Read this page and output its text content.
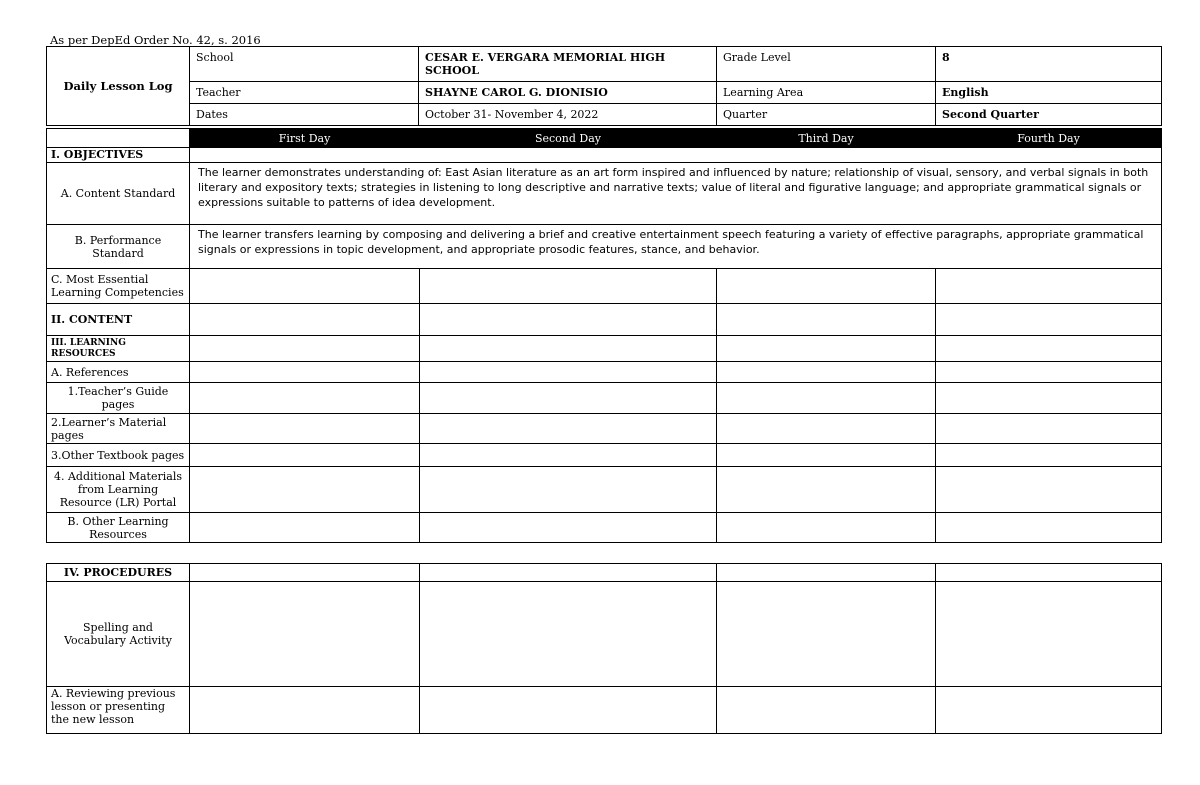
As per DepEd Order No. 42, s. 2016
Daily Lesson Log	School	CESAR E. VERGARA MEMORIAL HIGH SCHOOL	Grade Level	8
	Teacher	SHAYNE CAROL G. DIONISIO	Learning Area	English
	Dates	October 31- November 4, 2022	Quarter	Second Quarter
	First Day	Second Day	Third Day	Fourth Day
I. OBJECTIVES				
A. Content Standard	The learner demonstrates understanding of: East Asian literature as an art form inspired and influenced by nature; relationship of visual, sensory, and verbal signals in both literary and expository texts; strategies in listening to long descriptive and narrative texts; value of literal and figurative language; and appropriate grammatical signals or expressions suitable to patterns of idea development.			
B. Performance Standard	The learner transfers learning by composing and delivering a brief and creative entertainment speech featuring a variety of effective paragraphs, appropriate grammatical signals or expressions in topic development, and appropriate prosodic features, stance, and behavior.			
C. Most Essential Learning Competencies				
II. CONTENT				
III. LEARNING RESOURCES				
A. References				
1.Teacher’s Guide pages				
2.Learner’s Material pages				
3.Other Textbook pages				
4. Additional Materials from Learning Resource (LR) Portal				
B. Other Learning Resources				
IV. PROCEDURES				
Spelling and Vocabulary Activity				
A. Reviewing previous lesson or presenting the new lesson				
